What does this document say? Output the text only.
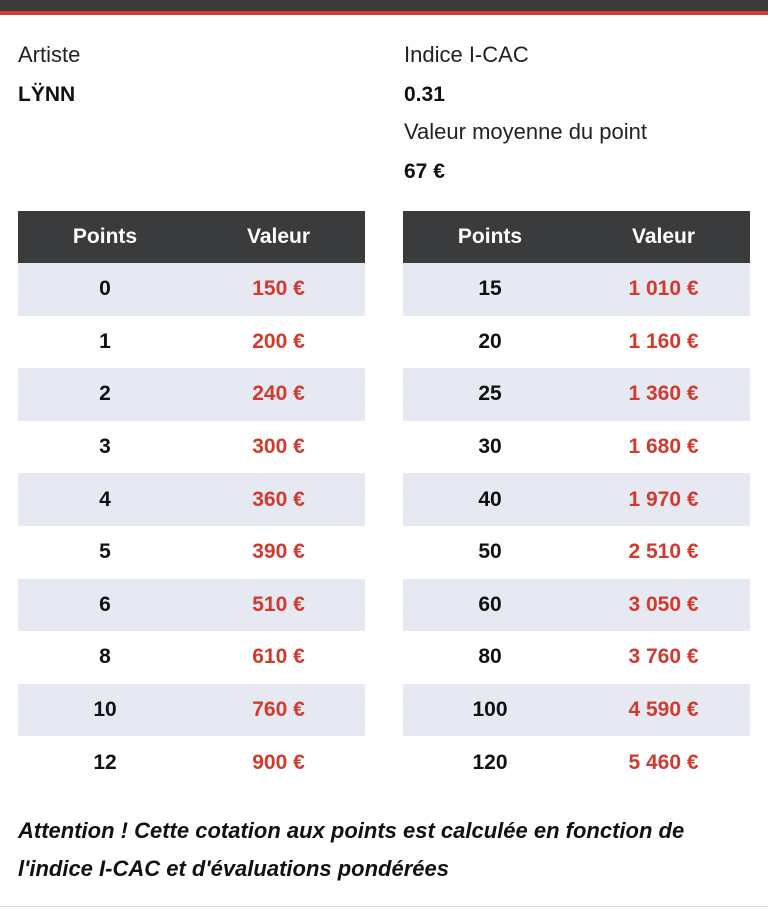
Artiste
LŸNN
Indice I-CAC
0.31
Valeur moyenne du point
67 €
Points	Valeur
0	150 €
1	200 €
2	240 €
3	300 €
4	360 €
5	390 €
6	510 €
8	610 €
10	760 €
12	900 €
Points	Valeur
15	1 010 €
20	1 160 €
25	1 360 €
30	1 680 €
40	1 970 €
50	2 510 €
60	3 050 €
80	3 760 €
100	4 590 €
120	5 460 €
Attention ! Cette cotation aux points est calculée en fonction de l'indice I-CAC et d'évaluations pondérées
